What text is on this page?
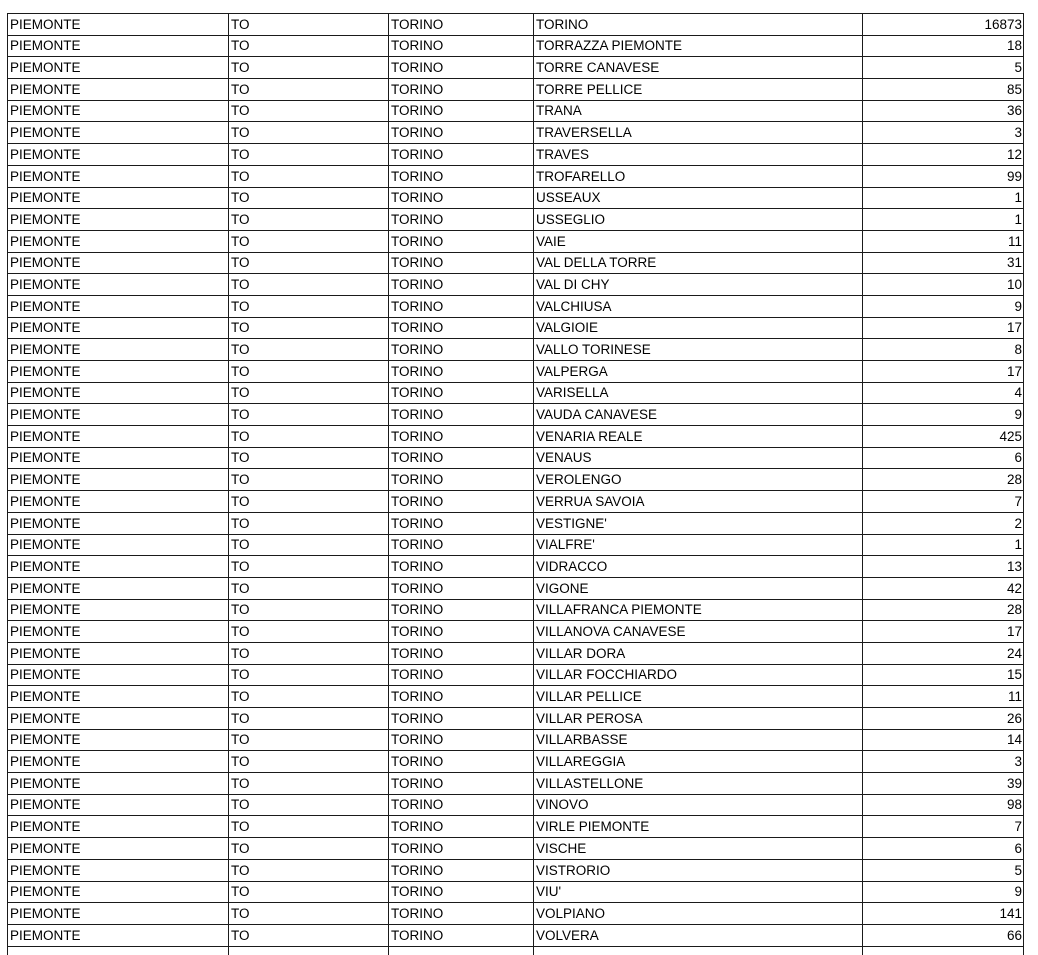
PIEMONTE	TO	TORINO	TORINO	16873
PIEMONTE	TO	TORINO	TORRAZZA PIEMONTE	18
PIEMONTE	TO	TORINO	TORRE CANAVESE	5
PIEMONTE	TO	TORINO	TORRE PELLICE	85
PIEMONTE	TO	TORINO	TRANA	36
PIEMONTE	TO	TORINO	TRAVERSELLA	3
PIEMONTE	TO	TORINO	TRAVES	12
PIEMONTE	TO	TORINO	TROFARELLO	99
PIEMONTE	TO	TORINO	USSEAUX	1
PIEMONTE	TO	TORINO	USSEGLIO	1
PIEMONTE	TO	TORINO	VAIE	11
PIEMONTE	TO	TORINO	VAL DELLA TORRE	31
PIEMONTE	TO	TORINO	VAL DI CHY	10
PIEMONTE	TO	TORINO	VALCHIUSA	9
PIEMONTE	TO	TORINO	VALGIOIE	17
PIEMONTE	TO	TORINO	VALLO TORINESE	8
PIEMONTE	TO	TORINO	VALPERGA	17
PIEMONTE	TO	TORINO	VARISELLA	4
PIEMONTE	TO	TORINO	VAUDA CANAVESE	9
PIEMONTE	TO	TORINO	VENARIA REALE	425
PIEMONTE	TO	TORINO	VENAUS	6
PIEMONTE	TO	TORINO	VEROLENGO	28
PIEMONTE	TO	TORINO	VERRUA SAVOIA	7
PIEMONTE	TO	TORINO	VESTIGNE'	2
PIEMONTE	TO	TORINO	VIALFRE'	1
PIEMONTE	TO	TORINO	VIDRACCO	13
PIEMONTE	TO	TORINO	VIGONE	42
PIEMONTE	TO	TORINO	VILLAFRANCA PIEMONTE	28
PIEMONTE	TO	TORINO	VILLANOVA CANAVESE	17
PIEMONTE	TO	TORINO	VILLAR DORA	24
PIEMONTE	TO	TORINO	VILLAR FOCCHIARDO	15
PIEMONTE	TO	TORINO	VILLAR PELLICE	11
PIEMONTE	TO	TORINO	VILLAR PEROSA	26
PIEMONTE	TO	TORINO	VILLARBASSE	14
PIEMONTE	TO	TORINO	VILLAREGGIA	3
PIEMONTE	TO	TORINO	VILLASTELLONE	39
PIEMONTE	TO	TORINO	VINOVO	98
PIEMONTE	TO	TORINO	VIRLE PIEMONTE	7
PIEMONTE	TO	TORINO	VISCHE	6
PIEMONTE	TO	TORINO	VISTRORIO	5
PIEMONTE	TO	TORINO	VIU'	9
PIEMONTE	TO	TORINO	VOLPIANO	141
PIEMONTE	TO	TORINO	VOLVERA	66
